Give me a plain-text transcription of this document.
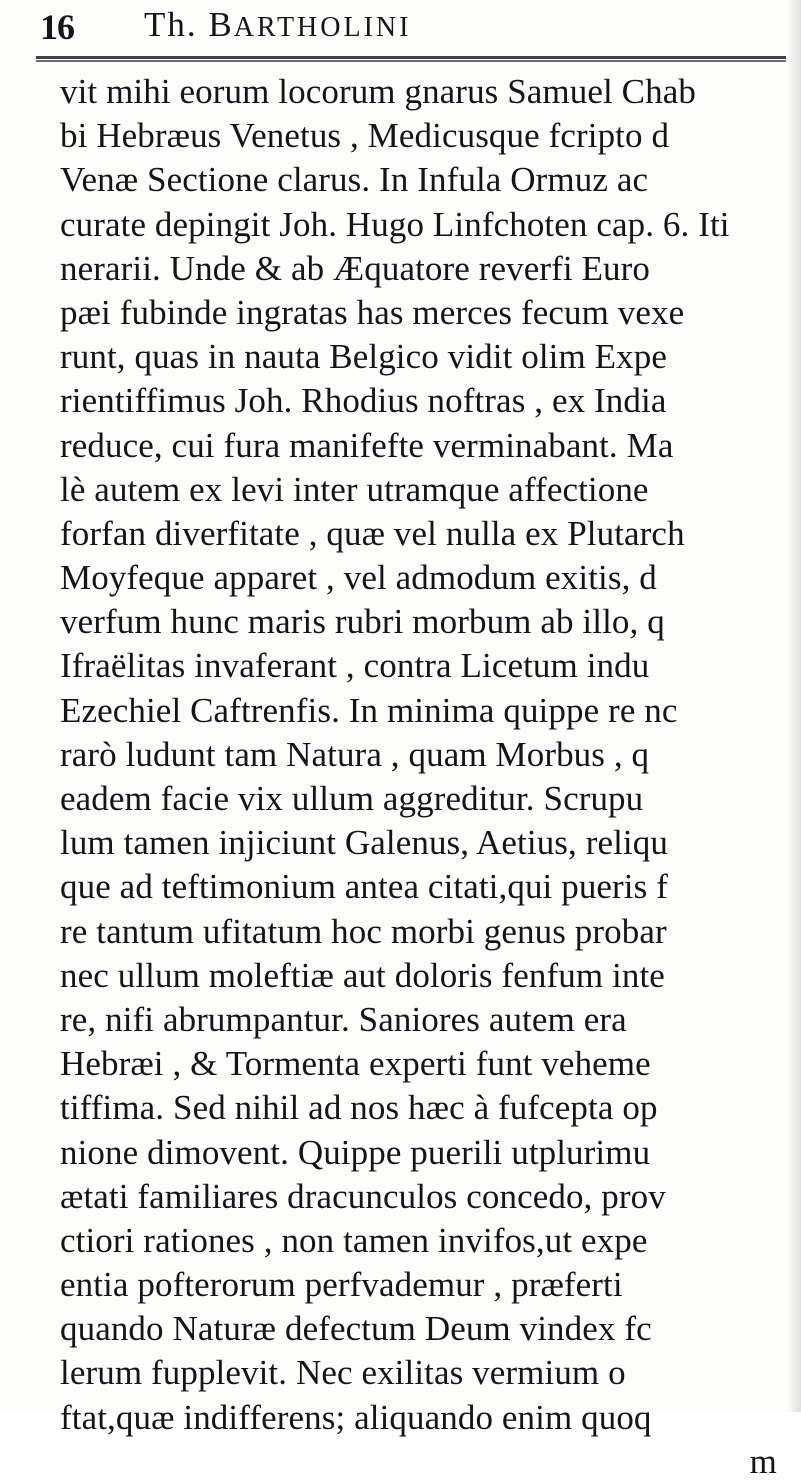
16 Th. BARTHOLINI
vit mihi eorum locorum gnarus Samuel Chab
bi Hebræus Venetus , Medicusque fcripto d
Venæ Sectione clarus. In Infula Ormuz ac
curate depingit Joh. Hugo Linfchoten cap. 6. Iti
nerarii. Unde & ab Æquatore reverfi Euro
pæi fubinde ingratas has merces fecum vexe
runt, quas in nauta Belgico vidit olim Expe
rientiffimus Joh. Rhodius noftras , ex India
reduce, cui fura manifefte verminabant. Ma
lè autem ex levi inter utramque affectione
forfan diverfitate , quæ vel nulla ex Plutarch
Moyfeque apparet , vel admodum exitis, d
verfum hunc maris rubri morbum ab illo, q
Ifraëlitas invaferant , contra Licetum indu
Ezechiel Caftrenfis. In minima quippe re nc
rarò ludunt tam Natura , quam Morbus , q
eadem facie vix ullum aggreditur. Scrupu
lum tamen injiciunt Galenus, Aetius, reliqu
que ad teftimonium antea citati,qui pueris f
re tantum ufitatum hoc morbi genus probar
nec ullum moleftiæ aut doloris fenfum inte
re, nifi abrumpantur. Saniores autem era
Hebræi , & Tormenta experti funt veheme
tiffima. Sed nihil ad nos hæc à fufcepta op
nione dimovent. Quippe puerili utplurimu
ætati familiares dracunculos concedo, prov
ctiori rationes , non tamen invifos,ut expe
entia pofterorum perfvademur , præferti
quando Naturæ defectum Deum vindex fc
lerum fupplevit. Nec exilitas vermium o
ftat,quæ indifferens; aliquando enim quoq
m
